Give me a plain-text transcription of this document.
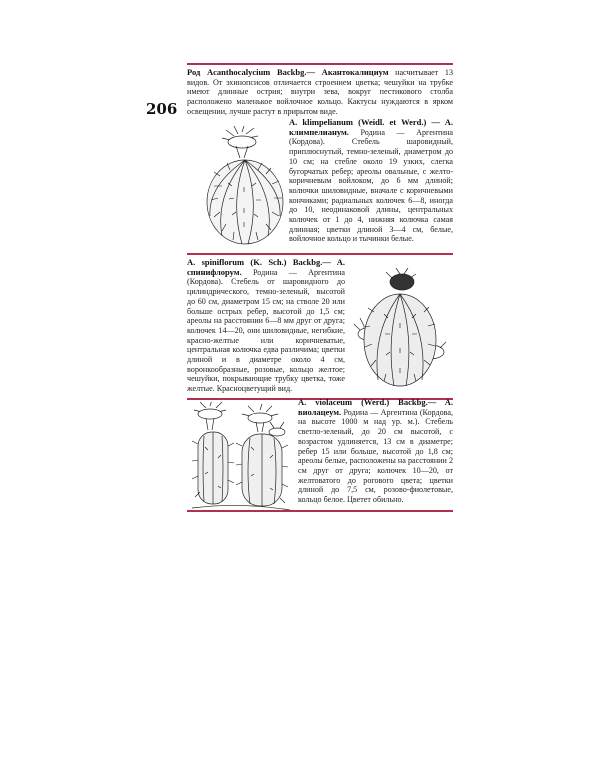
206

Род Acanthocalycium Backbg.— Акантокалициум насчитывает 13 видов. От эхинопсисов отличается строением цветка; чешуйки на трубке имеют длинные острия; внутри зева, вокруг пестикового столба расположено маленькое войлочное кольцо. Кактусы нуждаются в ярком освещении, лучше растут в прирытом виде.

A. klimpelianum (Weidl. et Werd.) — A. климпелианум. Родина — Аргентина (Кордова). Стебель шаровидный, приплюснутый, темно-зеленый, диаметром до 10 см; на стебле около 19 узких, слегка бугорчатых ребер; ареолы овальные, с желто-коричневым войлоком, до 6 мм длиной; колючки шиловидные, вначале с коричневыми кончиками; радиальных колючек 6—8, иногда до 10, неодинаковой длины, центральных колючек от 1 до 4, нижняя колючка самая длинная; цветки длиной 3—4 см, белые, войлочное кольцо и тычинки белые.

A. spiniflorum (K. Sch.) Backbg.— A. спинифлорум. Родина — Аргентина (Кордова). Стебель от шаровидного до цилиндрического, темно-зеленый, высотой до 60 см, диаметром 15 см; на стволе 20 или больше острых ребер, высотой до 1,5 см; ареолы на расстоянии 6—8 мм друг от друга; колючек 14—20, они шиловидные, негибкие, красно-желтые или коричневатые, центральная колючка едва различима; цветки длиной и в диаметре около 4 см, воронкообразные, розовые, кольцо желтое; чешуйки, покрывающие трубку цветка, тоже желтые. Красноцветущий вид.

A. violaceum (Werd.) Backbg.— A. виолацеум. Родина — Аргентина (Кордова, на высоте 1000 м над ур. м.). Стебель светло-зеленый, до 20 см высотой, с возрастом удлиняется, 13 см в диаметре; ребер 15 или больше, высотой до 1,8 см; ареолы белые, расположены на расстоянии 2 см друг от друга; колючек 10—20, от желтоватого до рогового цвета; цветки длиной до 7,5 см, розово-фиолетовые, кольцо белое. Цветет обильно.
